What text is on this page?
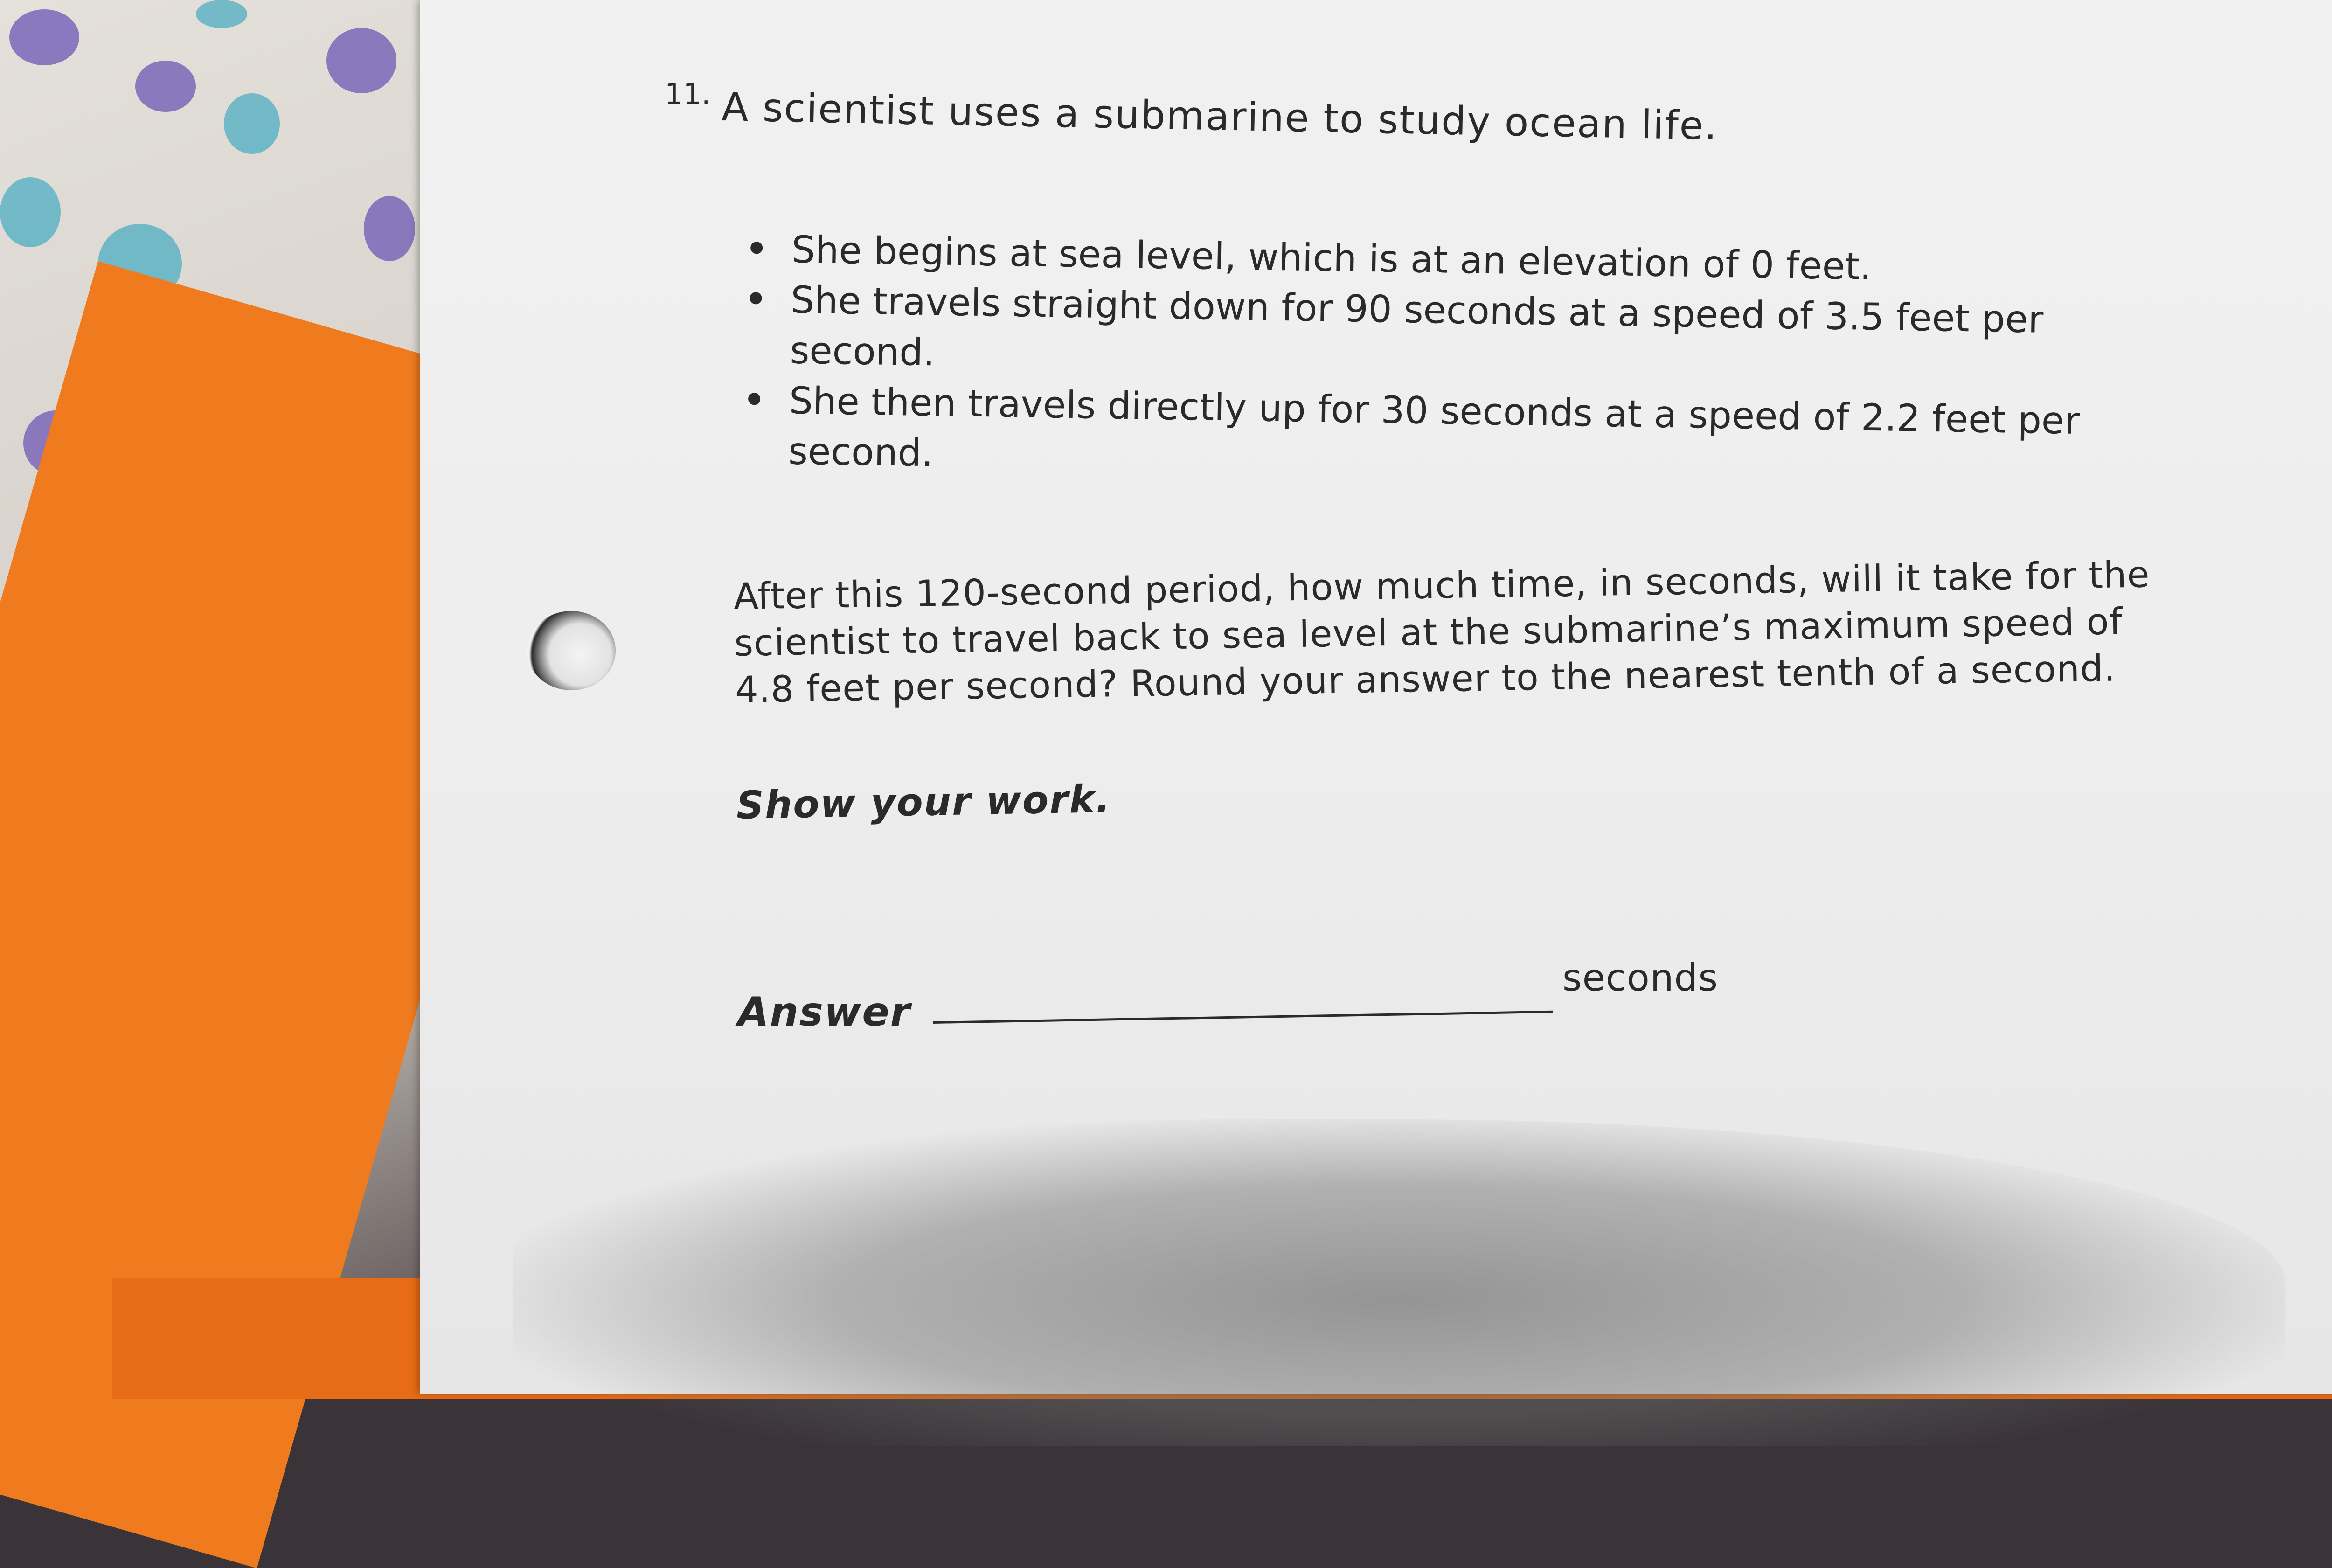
11. A scientist uses a submarine to study ocean life.
She begins at sea level, which is at an elevation of 0 feet.
She travels straight down for 90 seconds at a speed of 3.5 feet per second.
She then travels directly up for 30 seconds at a speed of 2.2 feet per second.
After this 120-second period, how much time, in seconds, will it take for the scientist to travel back to sea level at the submarine’s maximum speed of 4.8 feet per second? Round your answer to the nearest tenth of a second.
Show your work.
Answer
seconds
